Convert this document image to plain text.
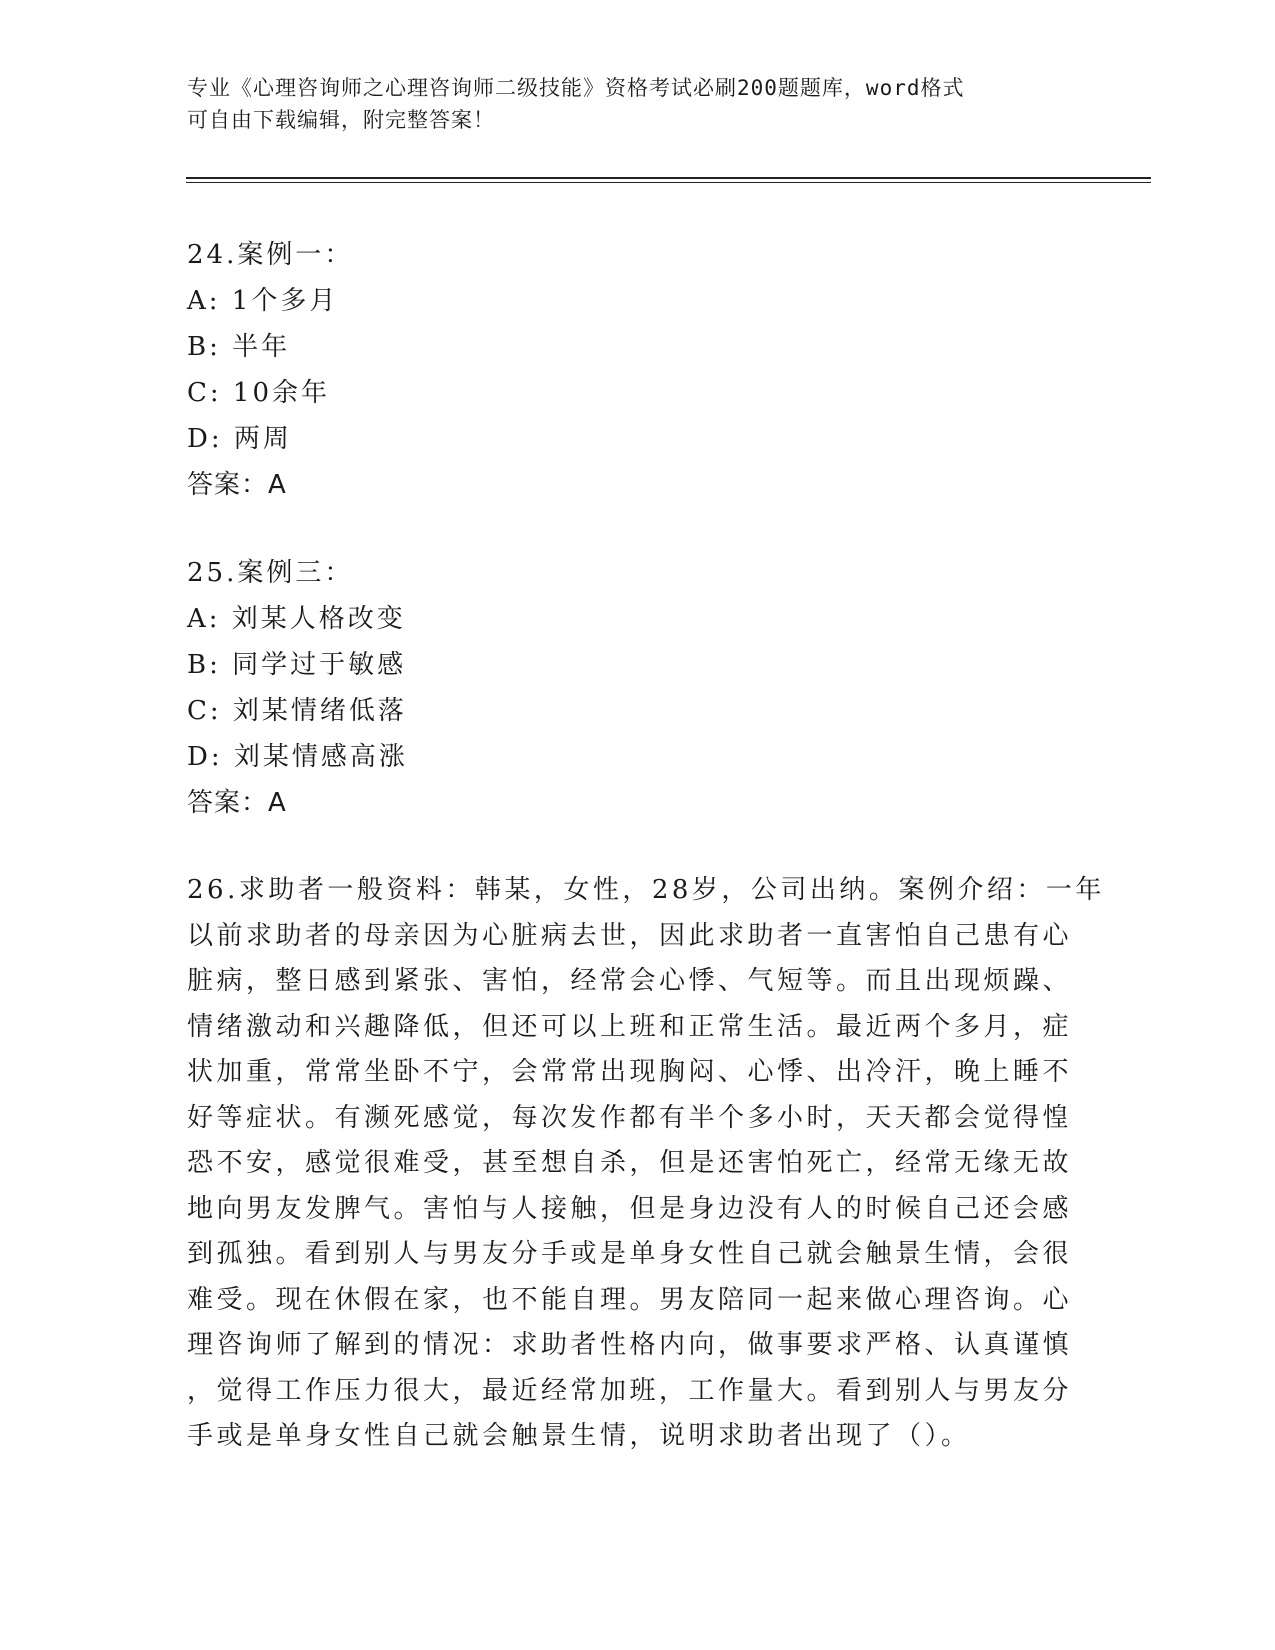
专业《心理咨询师之心理咨询师二级技能》资格考试必刷200题题库，word格式
可自由下载编辑，附完整答案！
24.案例一：
A: 1个多月
B: 半年
C: 10余年
D: 两周
答案：A
25.案例三：
A: 刘某人格改变
B: 同学过于敏感
C: 刘某情绪低落
D: 刘某情感高涨
答案：A
26.求助者一般资料：韩某，女性，28岁，公司出纳。案例介绍：一年
以前求助者的母亲因为心脏病去世，因此求助者一直害怕自己患有心
脏病，整日感到紧张、害怕，经常会心悸、气短等。而且出现烦躁、
情绪激动和兴趣降低，但还可以上班和正常生活。最近两个多月，症
状加重，常常坐卧不宁，会常常出现胸闷、心悸、出冷汗，晚上睡不
好等症状。有濒死感觉，每次发作都有半个多小时，天天都会觉得惶
恐不安，感觉很难受，甚至想自杀，但是还害怕死亡，经常无缘无故
地向男友发脾气。害怕与人接触，但是身边没有人的时候自己还会感
到孤独。看到别人与男友分手或是单身女性自己就会触景生情，会很
难受。现在休假在家，也不能自理。男友陪同一起来做心理咨询。心
理咨询师了解到的情况：求助者性格内向，做事要求严格、认真谨慎
，觉得工作压力很大，最近经常加班，工作量大。看到别人与男友分
手或是单身女性自己就会触景生情，说明求助者出现了（）。
